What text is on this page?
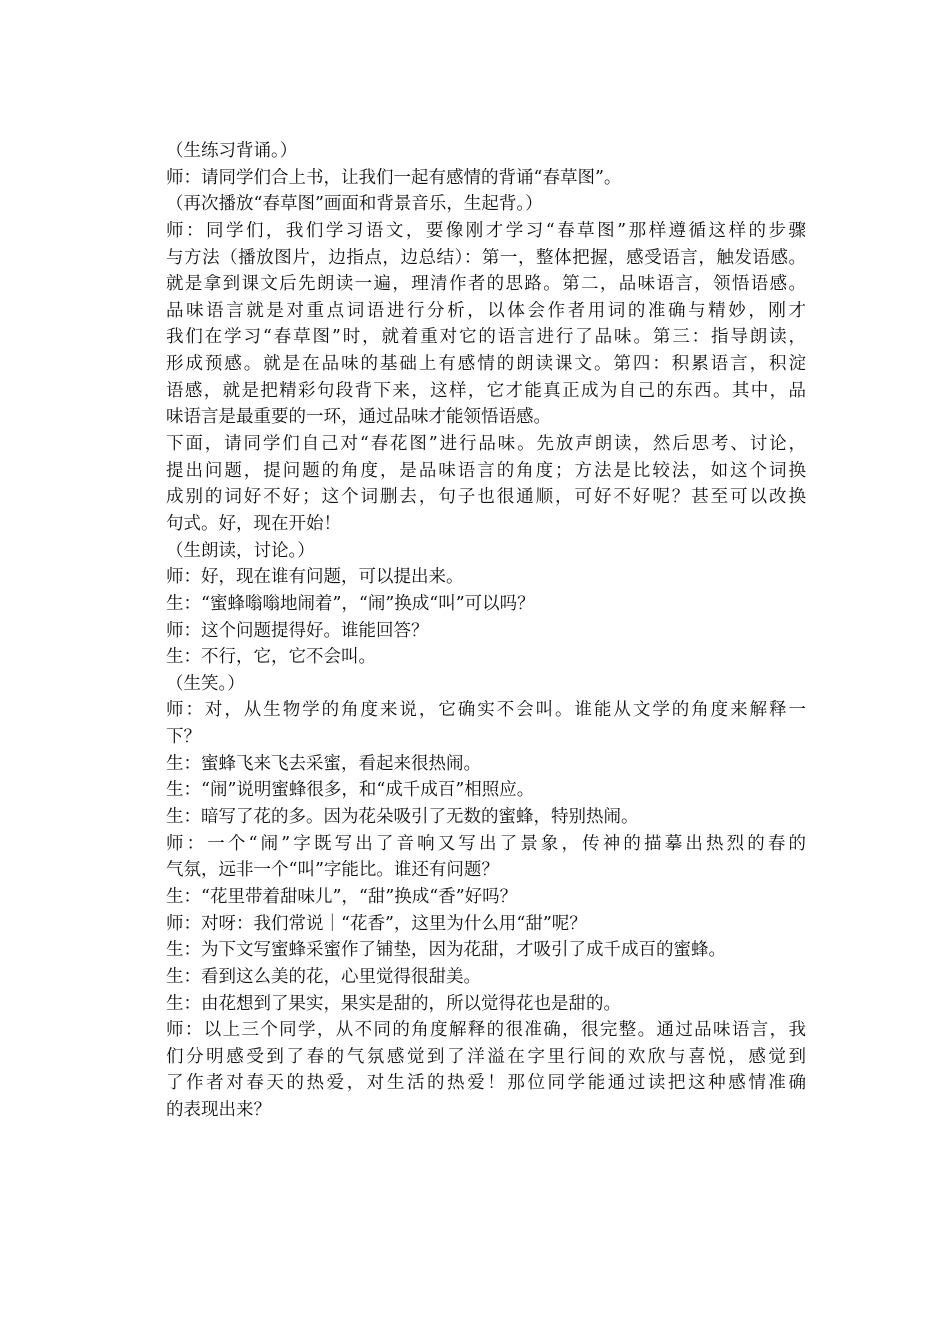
（生练习背诵。）
师：请同学们合上书，让我们一起有感情的背诵“春草图”。
（再次播放“春草图”画面和背景音乐，生起背。）
师：同学们，我们学习语文，要像刚才学习“春草图”那样遵循这样的步骤
与方法（播放图片，边指点，边总结）：第一，整体把握，感受语言，触发语感。
就是拿到课文后先朗读一遍，理清作者的思路。第二，品味语言，领悟语感。
品味语言就是对重点词语进行分析，以体会作者用词的准确与精妙，刚才
我们在学习“春草图”时，就着重对它的语言进行了品味。第三：指导朗读，
形成预感。就是在品味的基础上有感情的朗读课文。第四：积累语言，积淀
语感，就是把精彩句段背下来，这样，它才能真正成为自己的东西。其中，品
味语言是最重要的一环，通过品味才能领悟语感。
下面，请同学们自己对“春花图”进行品味。先放声朗读，然后思考、讨论，
提出问题，提问题的角度，是品味语言的角度；方法是比较法，如这个词换
成别的词好不好；这个词删去，句子也很通顺，可好不好呢？甚至可以改换
句式。好，现在开始！
（生朗读，讨论。）
师：好，现在谁有问题，可以提出来。
生：“蜜蜂嗡嗡地闹着”，“闹”换成“叫”可以吗？
师：这个问题提得好。谁能回答？
生：不行，它，它不会叫。
（生笑。）
师：对，从生物学的角度来说，它确实不会叫。谁能从文学的角度来解释一
下？
生：蜜蜂飞来飞去采蜜，看起来很热闹。
生：“闹”说明蜜蜂很多，和“成千成百”相照应。
生：暗写了花的多。因为花朵吸引了无数的蜜蜂，特别热闹。
师：一个“闹”字既写出了音响又写出了景象，传神的描摹出热烈的春的
气氛，远非一个“叫”字能比。谁还有问题？
生：“花里带着甜味儿”，“甜”换成“香”好吗？
师：对呀：我们常说｜“花香”，这里为什么用“甜”呢？
生：为下文写蜜蜂采蜜作了铺垫，因为花甜，才吸引了成千成百的蜜蜂。
生：看到这么美的花，心里觉得很甜美。
生：由花想到了果实，果实是甜的，所以觉得花也是甜的。
师：以上三个同学，从不同的角度解释的很准确，很完整。通过品味语言，我
们分明感受到了春的气氛感觉到了洋溢在字里行间的欢欣与喜悦，感觉到
了作者对春天的热爱，对生活的热爱！那位同学能通过读把这种感情准确
的表现出来？
